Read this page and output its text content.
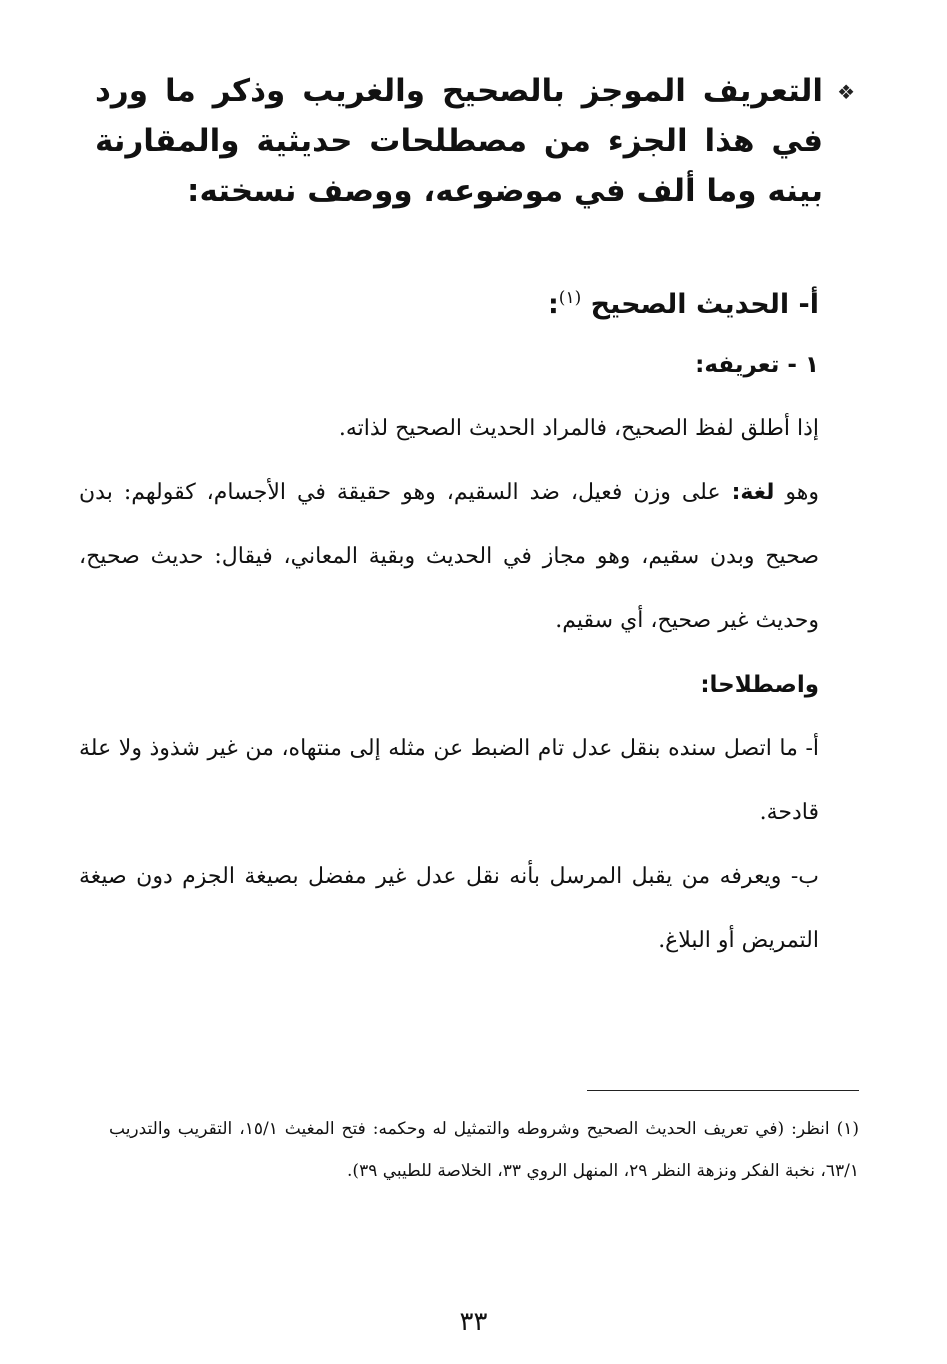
❖

التعريف الموجز بالصحيح والغريب وذكر ما ورد في هذا الجزء من مصطلحات حديثية والمقارنة بينه وما ألف في موضوعه، ووصف نسخته:

أ- الحديث الصحيح $^{(١)}$:

١ - تعريفه:

إذا أطلق لفظ الصحيح، فالمراد الحديث الصحيح لذاته.

وهو لغة: على وزن فعيل، ضد السقيم، وهو حقيقة في الأجسام، كقولهم: بدن صحيح وبدن سقيم، وهو مجاز في الحديث وبقية المعاني، فيقال: حديث صحيح، وحديث غير صحيح، أي سقيم.

واصطلاحا:

أ- ما اتصل سنده بنقل عدل تام الضبط عن مثله إلى منتهاه، من غير شذوذ ولا علة قادحة.

ب- ويعرفه من يقبل المرسل بأنه نقل عدل غير مفضل بصيغة الجزم دون صيغة التمريض أو البلاغ.

(١) انظر: (في تعريف الحديث الصحيح وشروطه والتمثيل له وحكمه: فتح المغيث ١٥/١، التقريب والتدريب ٦٣/١، نخبة الفكر ونزهة النظر ٢٩، المنهل الروي ٣٣، الخلاصة للطيبي ٣٩).

٣٣
